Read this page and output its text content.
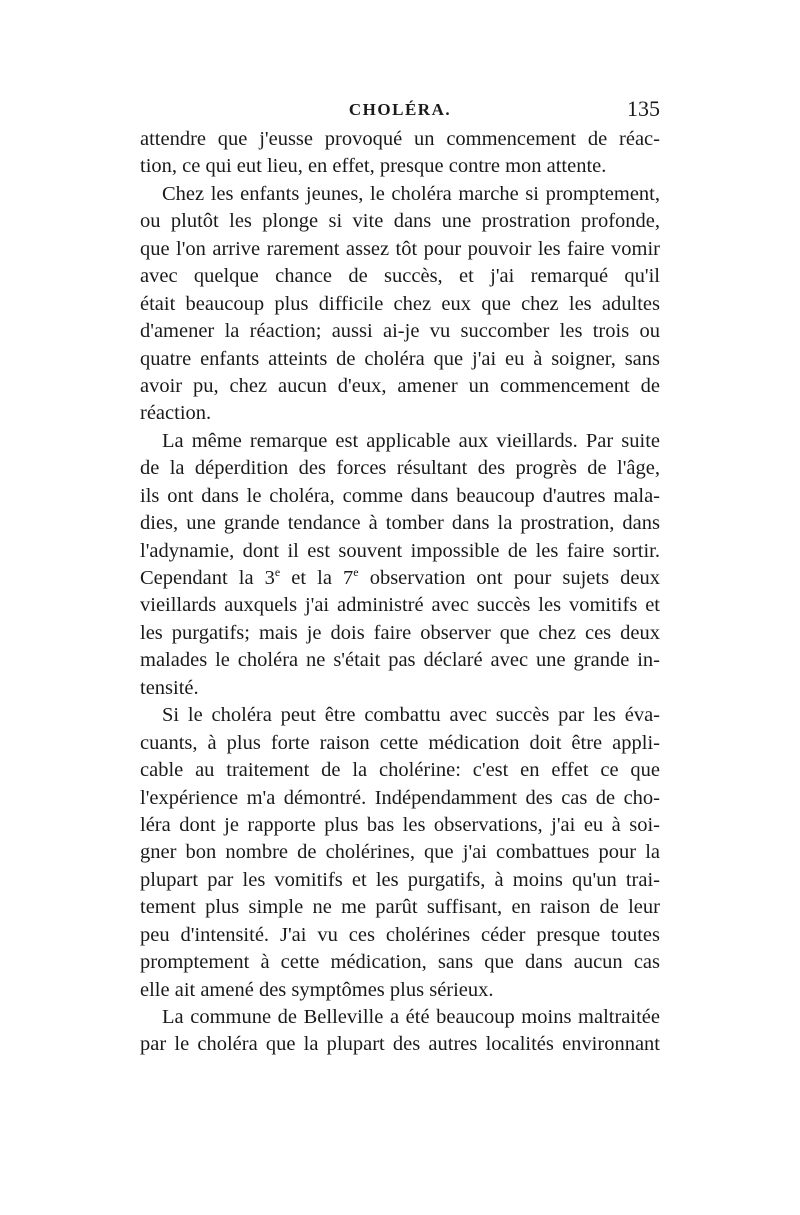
CHOLÉRA.	135
attendre que j'eusse provoqué un commencement de réac-
tion, ce qui eut lieu, en effet, presque contre mon attente.
Chez les enfants jeunes, le choléra marche si promptement,
ou plutôt les plonge si vite dans une prostration profonde,
que l'on arrive rarement assez tôt pour pouvoir les faire vomir
avec quelque chance de succès, et j'ai remarqué qu'il
était beaucoup plus difficile chez eux que chez les adultes
d'amener la réaction; aussi ai-je vu succomber les trois ou
quatre enfants atteints de choléra que j'ai eu à soigner, sans
avoir pu, chez aucun d'eux, amener un commencement de
réaction.
La même remarque est applicable aux vieillards. Par suite
de la déperdition des forces résultant des progrès de l'âge,
ils ont dans le choléra, comme dans beaucoup d'autres mala-
dies, une grande tendance à tomber dans la prostration, dans
l'adynamie, dont il est souvent impossible de les faire sortir.
Cependant la 3e et la 7e observation ont pour sujets deux
vieillards auxquels j'ai administré avec succès les vomitifs et
les purgatifs; mais je dois faire observer que chez ces deux
malades le choléra ne s'était pas déclaré avec une grande in-
tensité.
Si le choléra peut être combattu avec succès par les éva-
cuants, à plus forte raison cette médication doit être appli-
cable au traitement de la cholérine: c'est en effet ce que
l'expérience m'a démontré. Indépendamment des cas de cho-
léra dont je rapporte plus bas les observations, j'ai eu à soi-
gner bon nombre de cholérines, que j'ai combattues pour la
plupart par les vomitifs et les purgatifs, à moins qu'un trai-
tement plus simple ne me parût suffisant, en raison de leur
peu d'intensité. J'ai vu ces cholérines céder presque toutes
promptement à cette médication, sans que dans aucun cas
elle ait amené des symptômes plus sérieux.
La commune de Belleville a été beaucoup moins maltraitée
par le choléra que la plupart des autres localités environnant
